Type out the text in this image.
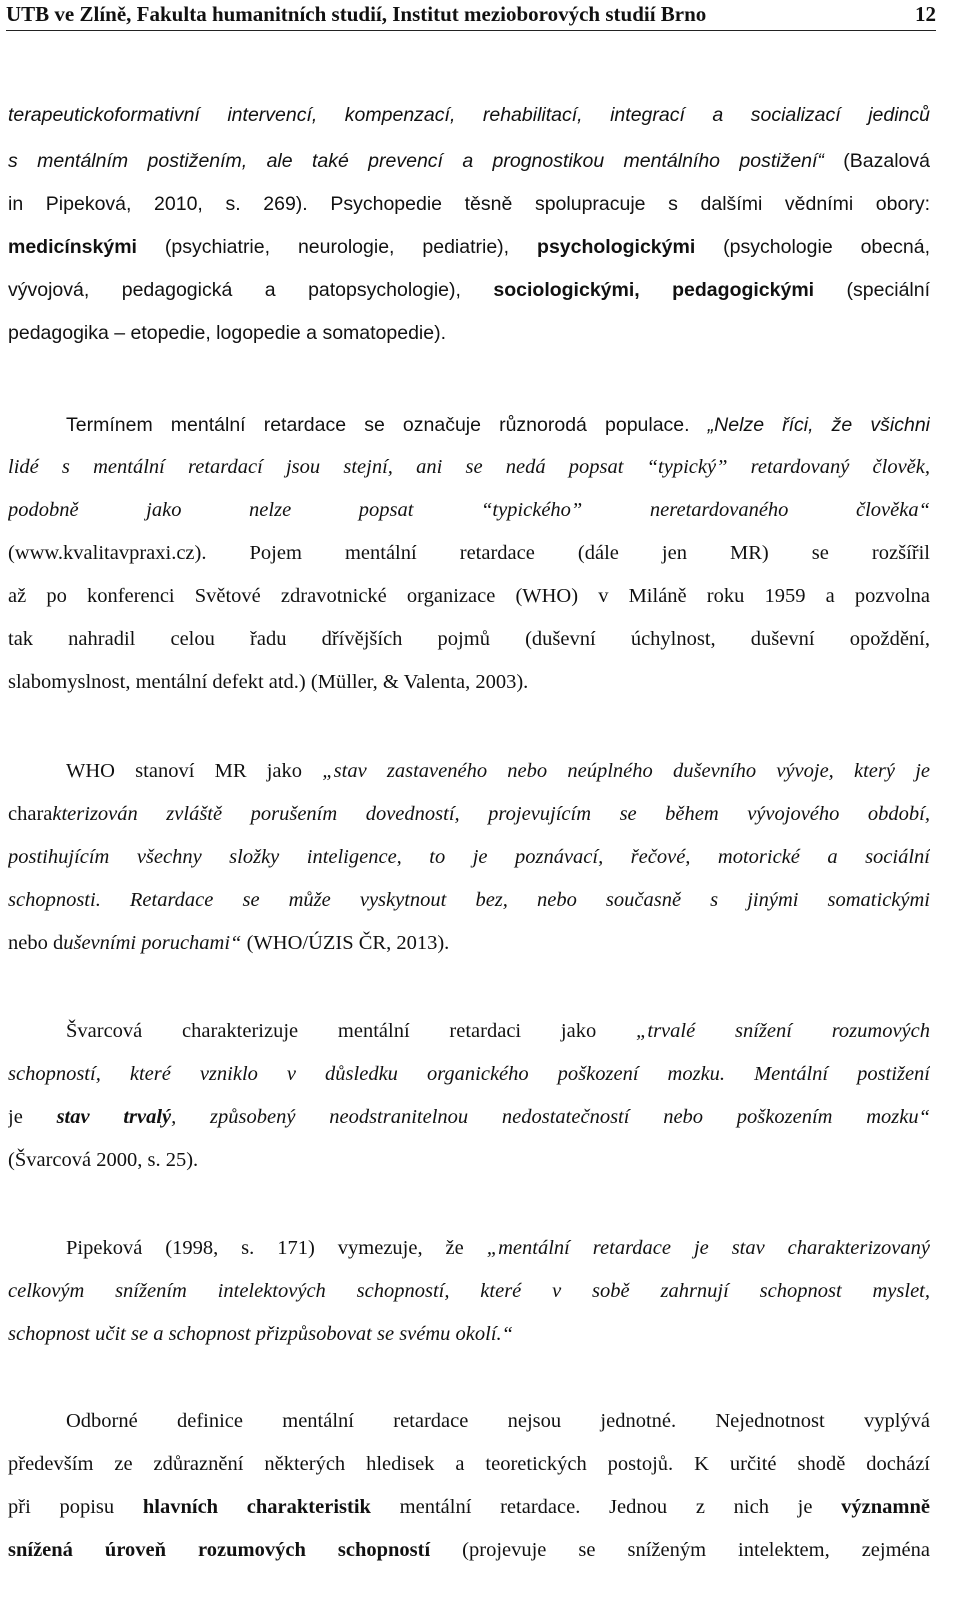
UTB ve Zlíně, Fakulta humanitních studií, Institut mezioborových studií Brno	12

terapeutickoformativní intervencí, kompenzací, rehabilitací, integrací a socializací jedinců

s mentálním postižením, ale také prevencí a prognostikou mentálního postižení“ (Bazalová

in Pipeková, 2010, s. 269). Psychopedie těsně spolupracuje s dalšími vědními obory:

medicínskými (psychiatrie, neurologie, pediatrie), psychologickými (psychologie obecná,

vývojová, pedagogická a patopsychologie), sociologickými, pedagogickými (speciální

pedagogika – etopedie, logopedie a somatopedie).

Termínem mentální retardace se označuje různorodá populace. „Nelze říci, že všichni

lidé s mentální retardací jsou stejní, ani se nedá popsat “typický” retardovaný člověk,

podobně jako nelze popsat “typického” neretardovaného člověka“

(www.kvalitavpraxi.cz). Pojem mentální retardace (dále jen MR) se rozšířil

až po konferenci Světové zdravotnické organizace (WHO) v Miláně roku 1959 a pozvolna

tak nahradil celou řadu dřívějších pojmů (duševní úchylnost, duševní opoždění,

slabomyslnost, mentální defekt atd.) (Müller, & Valenta, 2003).

WHO stanoví MR jako „stav zastaveného nebo neúplného duševního vývoje, který je

charakterizován zvláště porušením dovedností, projevujícím se během vývojového období,

postihujícím všechny složky inteligence, to je poznávací, řečové, motorické a sociální

schopnosti. Retardace se může vyskytnout bez, nebo současně s jinými somatickými

nebo duševními poruchami“ (WHO/ÚZIS ČR, 2013).

Švarcová charakterizuje mentální retardaci jako „trvalé snížení rozumových

schopností, které vzniklo v důsledku organického poškození mozku. Mentální postižení

je stav trvalý, způsobený neodstranitelnou nedostatečností nebo poškozením mozku“

(Švarcová 2000, s. 25).

Pipeková (1998, s. 171) vymezuje, že „mentální retardace je stav charakterizovaný

celkovým snížením intelektových schopností, které v sobě zahrnují schopnost myslet,

schopnost učit se a schopnost přizpůsobovat se svému okolí.“

Odborné definice mentální retardace nejsou jednotné. Nejednotnost vyplývá

především ze zdůraznění některých hledisek a teoretických postojů. K určité shodě dochází

při popisu hlavních charakteristik mentální retardace. Jednou z nich je významně

snížená úroveň rozumových schopností (projevuje se sníženým intelektem, zejména
